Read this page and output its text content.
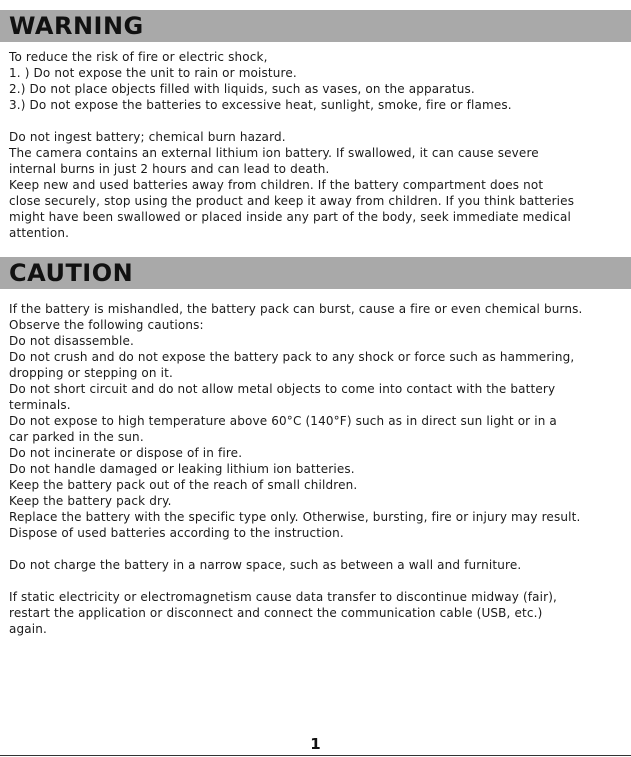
WARNING
To reduce the risk of fire or electric shock,
1. ) Do not expose the unit to rain or moisture.
2.) Do not place objects filled with liquids, such as vases, on the apparatus.
3.) Do not expose the batteries to excessive heat, sunlight, smoke, fire or flames.
Do not ingest battery; chemical burn hazard.
The camera contains an external lithium ion battery. If swallowed, it can cause severe
internal burns in just 2 hours and can lead to death.
Keep new and used batteries away from children. If the battery compartment does not
close securely, stop using the product and keep it away from children. If you think batteries
might have been swallowed or placed inside any part of the body, seek immediate medical
attention.
CAUTION
If the battery is mishandled, the battery pack can burst, cause a fire or even chemical burns.
Observe the following cautions:
Do not disassemble.
Do not crush and do not expose the battery pack to any shock or force such as hammering,
dropping or stepping on it.
Do not short circuit and do not allow metal objects to come into contact with the battery
terminals.
Do not expose to high temperature above 60°C (140°F) such as in direct sun light or in a
car parked in the sun.
Do not incinerate or dispose of in fire.
Do not handle damaged or leaking lithium ion batteries.
Keep the battery pack out of the reach of small children.
Keep the battery pack dry.
Replace the battery with the specific type only. Otherwise, bursting, fire or injury may result.
Dispose of used batteries according to the instruction.
Do not charge the battery in a narrow space, such as between a wall and furniture.
If static electricity or electromagnetism cause data transfer to discontinue midway (fair),
restart the application or disconnect and connect the communication cable (USB, etc.)
again.
1
